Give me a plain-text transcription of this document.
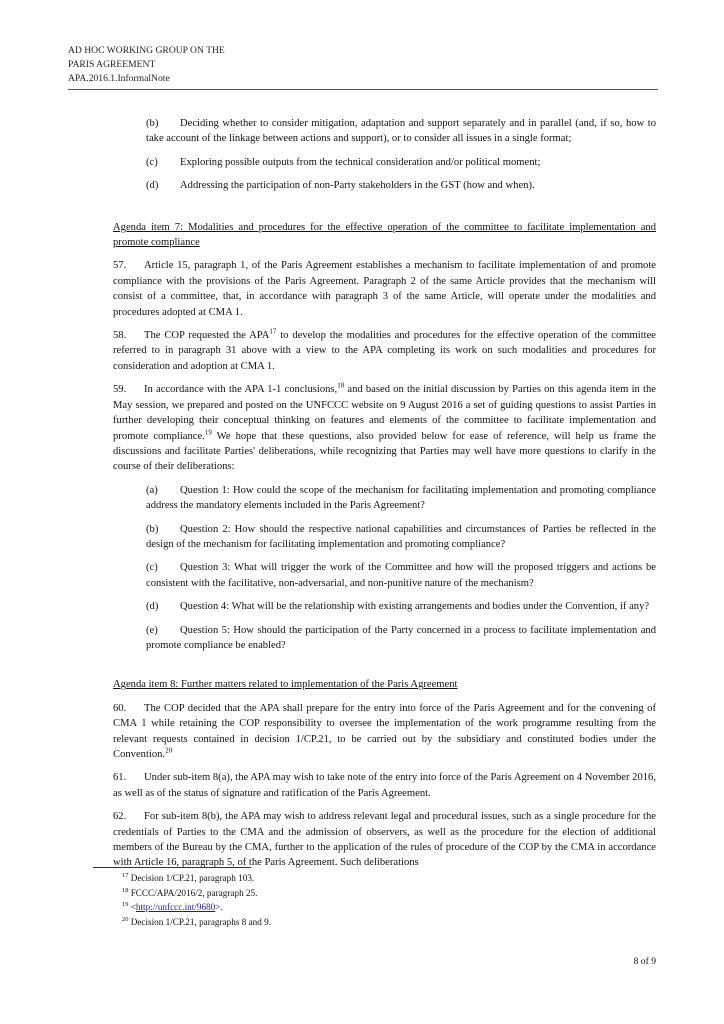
AD HOC WORKING GROUP ON THE
PARIS AGREEMENT
APA.2016.1.InformalNote

(b) Deciding whether to consider mitigation, adaptation and support separately and in parallel (and, if so, how to take account of the linkage between actions and support), or to consider all issues in a single format;

(c) Exploring possible outputs from the technical consideration and/or political moment;

(d) Addressing the participation of non-Party stakeholders in the GST (how and when).

Agenda item 7: Modalities and procedures for the effective operation of the committee to facilitate implementation and promote compliance

57. Article 15, paragraph 1, of the Paris Agreement establishes a mechanism to facilitate implementation of and promote compliance with the provisions of the Paris Agreement. Paragraph 2 of the same Article provides that the mechanism will consist of a committee, that, in accordance with paragraph 3 of the same Article, will operate under the modalities and procedures adopted at CMA 1.

58. The COP requested the APA$^{17}$ to develop the modalities and procedures for the effective operation of the committee referred to in paragraph 31 above with a view to the APA completing its work on such modalities and procedures for consideration and adoption at CMA 1.

59. In accordance with the APA 1-1 conclusions,$^{18}$ and based on the initial discussion by Parties on this agenda item in the May session, we prepared and posted on the UNFCCC website on 9 August 2016 a set of guiding questions to assist Parties in further developing their conceptual thinking on features and elements of the committee to facilitate implementation and promote compliance.$^{19}$ We hope that these questions, also provided below for ease of reference, will help us frame the discussions and facilitate Parties' deliberations, while recognizing that Parties may well have more questions to clarify in the course of their deliberations:

(a) Question 1: How could the scope of the mechanism for facilitating implementation and promoting compliance address the mandatory elements included in the Paris Agreement?

(b) Question 2: How should the respective national capabilities and circumstances of Parties be reflected in the design of the mechanism for facilitating implementation and promoting compliance?

(c) Question 3: What will trigger the work of the Committee and how will the proposed triggers and actions be consistent with the facilitative, non-adversarial, and non-punitive nature of the mechanism?

(d) Question 4: What will be the relationship with existing arrangements and bodies under the Convention, if any?

(e) Question 5: How should the participation of the Party concerned in a process to facilitate implementation and promote compliance be enabled?

Agenda item 8: Further matters related to implementation of the Paris Agreement

60. The COP decided that the APA shall prepare for the entry into force of the Paris Agreement and for the convening of CMA 1 while retaining the COP responsibility to oversee the implementation of the work programme resulting from the relevant requests contained in decision 1/CP.21, to be carried out by the subsidiary and constituted bodies under the Convention.$^{20}$

61. Under sub-item 8(a), the APA may wish to take note of the entry into force of the Paris Agreement on 4 November 2016, as well as of the status of signature and ratification of the Paris Agreement.

62. For sub-item 8(b), the APA may wish to address relevant legal and procedural issues, such as a single procedure for the credentials of Parties to the CMA and the admission of observers, as well as the procedure for the election of additional members of the Bureau by the CMA, further to the application of the rules of procedure of the COP by the CMA in accordance with Article 16, paragraph 5, of the Paris Agreement. Such deliberations

$^{17}$ Decision 1/CP.21, paragraph 103.
$^{18}$ FCCC/APA/2016/2, paragraph 25.
$^{19}$ <http://unfccc.int/9680>.
$^{20}$ Decision 1/CP.21, paragraphs 8 and 9.
8 of 9
